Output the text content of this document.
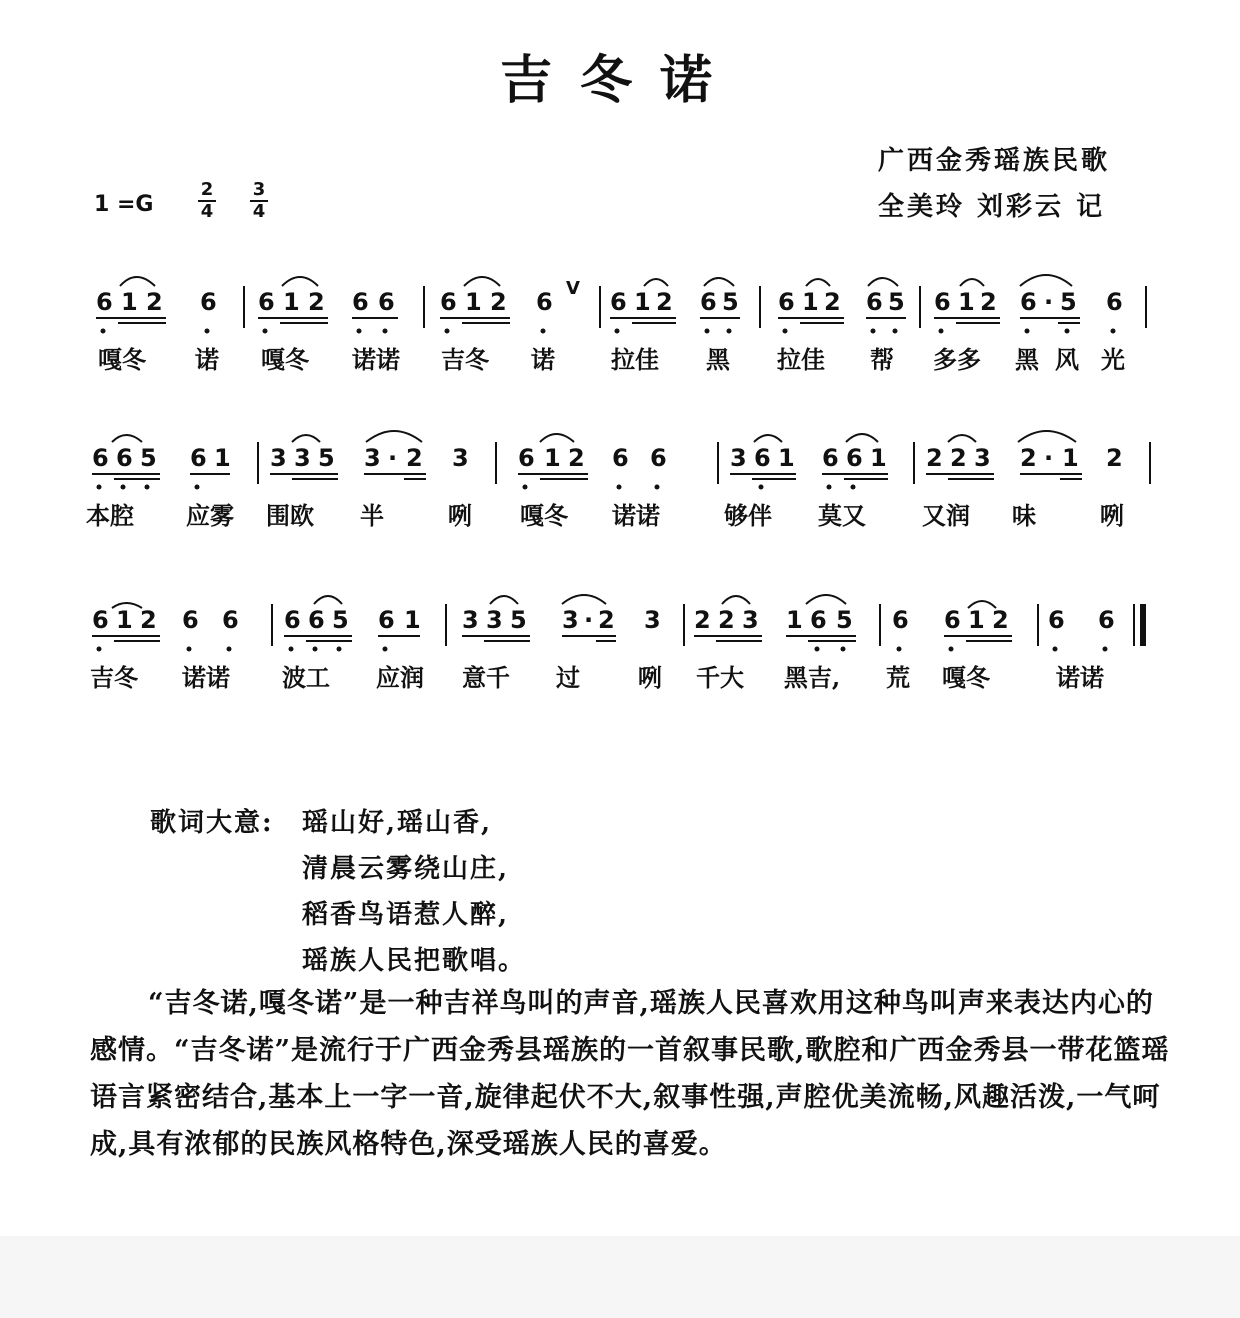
吉冬诺
广西金秀瑶族民歌
全美玲 刘彩云 记
1 =G
2
4
3
4
6 1 2 6 6 1 2 6 6 6 1 2 6 V 6 1 2 6 5 6 1 2 6 5 6 1 2 6 · 5 6
嘎冬 诺 嘎冬 诺诺 吉冬 诺 拉佳 黑 拉佳 帮 多多 黑 风 光
6 6 5 6 1 3 3 5 3 · 2 3 6 1 2 6 6	3 6 1 6 6 1 2 2 3 2 · 1 2
本腔 应雾 围欧 半	咧 嘎冬 诺诺	够伴 莫又 又润 味	咧
6 1 2 6 6 6 6 5 6 1 3 3 5 3 · 2 3 2 2 3 1 6 5 6 6 1 2 6 6
吉冬 诺诺 波工 应润 意千 过 咧 千大 黑吉, 荒 嘎冬	诺诺
歌词大意: 瑶山好,瑶山香,
清晨云雾绕山庄,
稻香鸟语惹人醉,
瑶族人民把歌唱。
“吉冬诺,嘎冬诺”是一种吉祥鸟叫的声音,瑶族人民喜欢用这种鸟叫声来表达内心的感情。“吉冬诺”是流行于广西金秀县瑶族的一首叙事民歌,歌腔和广西金秀县一带花篮瑶语言紧密结合,基本上一字一音,旋律起伏不大,叙事性强,声腔优美流畅,风趣活泼,一气呵成,具有浓郁的民族风格特色,深受瑶族人民的喜爱。
